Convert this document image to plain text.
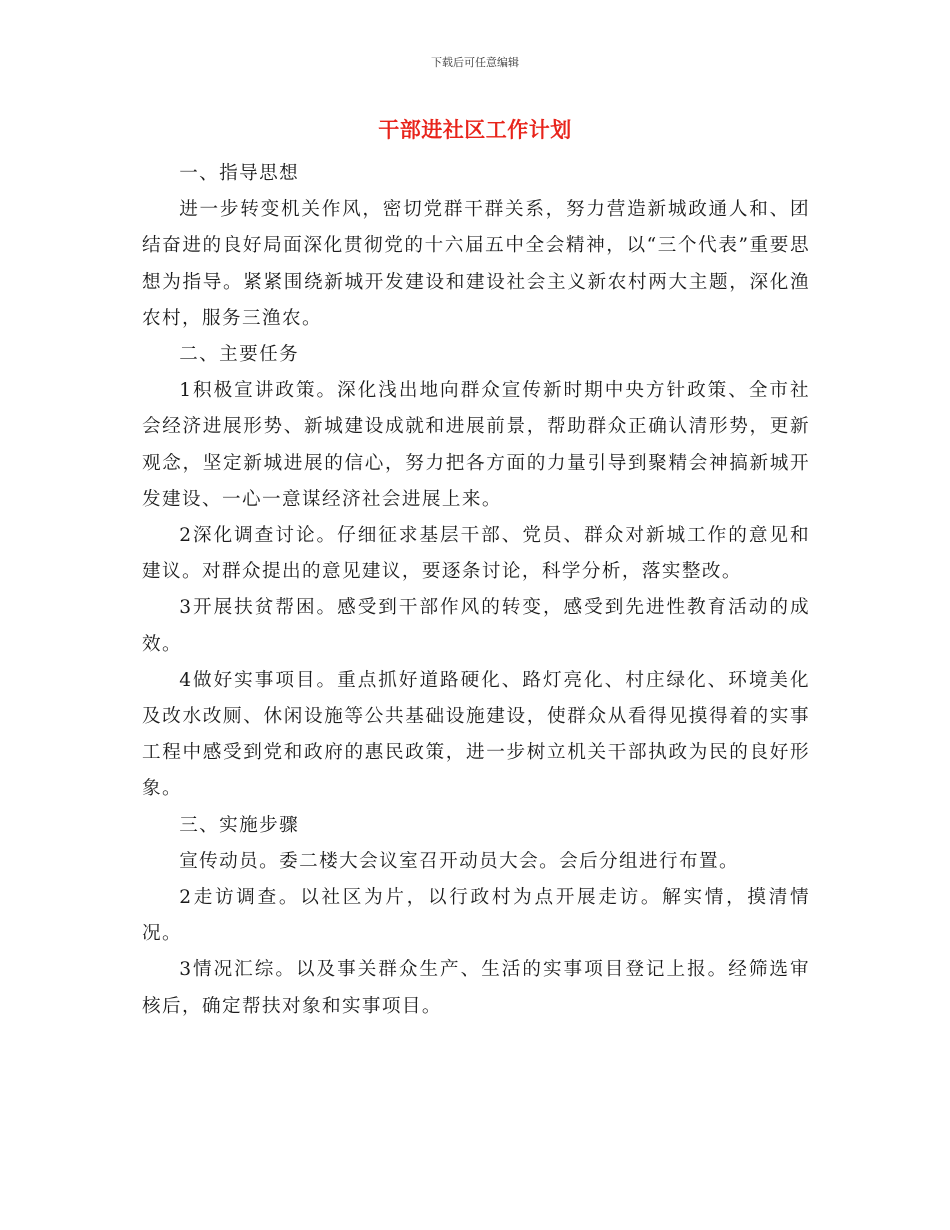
下载后可任意编辑
干部进社区工作计划

一、指导思想

进一步转变机关作风，密切党群干群关系，努力营造新城政通人和、团结奋进的良好局面深化贯彻党的十六届五中全会精神，以“三个代表”重要思想为指导。紧紧围绕新城开发建设和建设社会主义新农村两大主题，深化渔农村，服务三渔农。

二、主要任务

1积极宣讲政策。深化浅出地向群众宣传新时期中央方针政策、全市社会经济进展形势、新城建设成就和进展前景，帮助群众正确认清形势，更新观念，坚定新城进展的信心，努力把各方面的力量引导到聚精会神搞新城开发建设、一心一意谋经济社会进展上来。

2深化调查讨论。仔细征求基层干部、党员、群众对新城工作的意见和建议。对群众提出的意见建议，要逐条讨论，科学分析，落实整改。

3开展扶贫帮困。感受到干部作风的转变，感受到先进性教育活动的成效。

4做好实事项目。重点抓好道路硬化、路灯亮化、村庄绿化、环境美化及改水改厕、休闲设施等公共基础设施建设，使群众从看得见摸得着的实事工程中感受到党和政府的惠民政策，进一步树立机关干部执政为民的良好形象。

三、实施步骤

宣传动员。委二楼大会议室召开动员大会。会后分组进行布置。

2走访调查。以社区为片，以行政村为点开展走访。解实情，摸清情况。

3情况汇综。以及事关群众生产、生活的实事项目登记上报。经筛选审核后，确定帮扶对象和实事项目。
